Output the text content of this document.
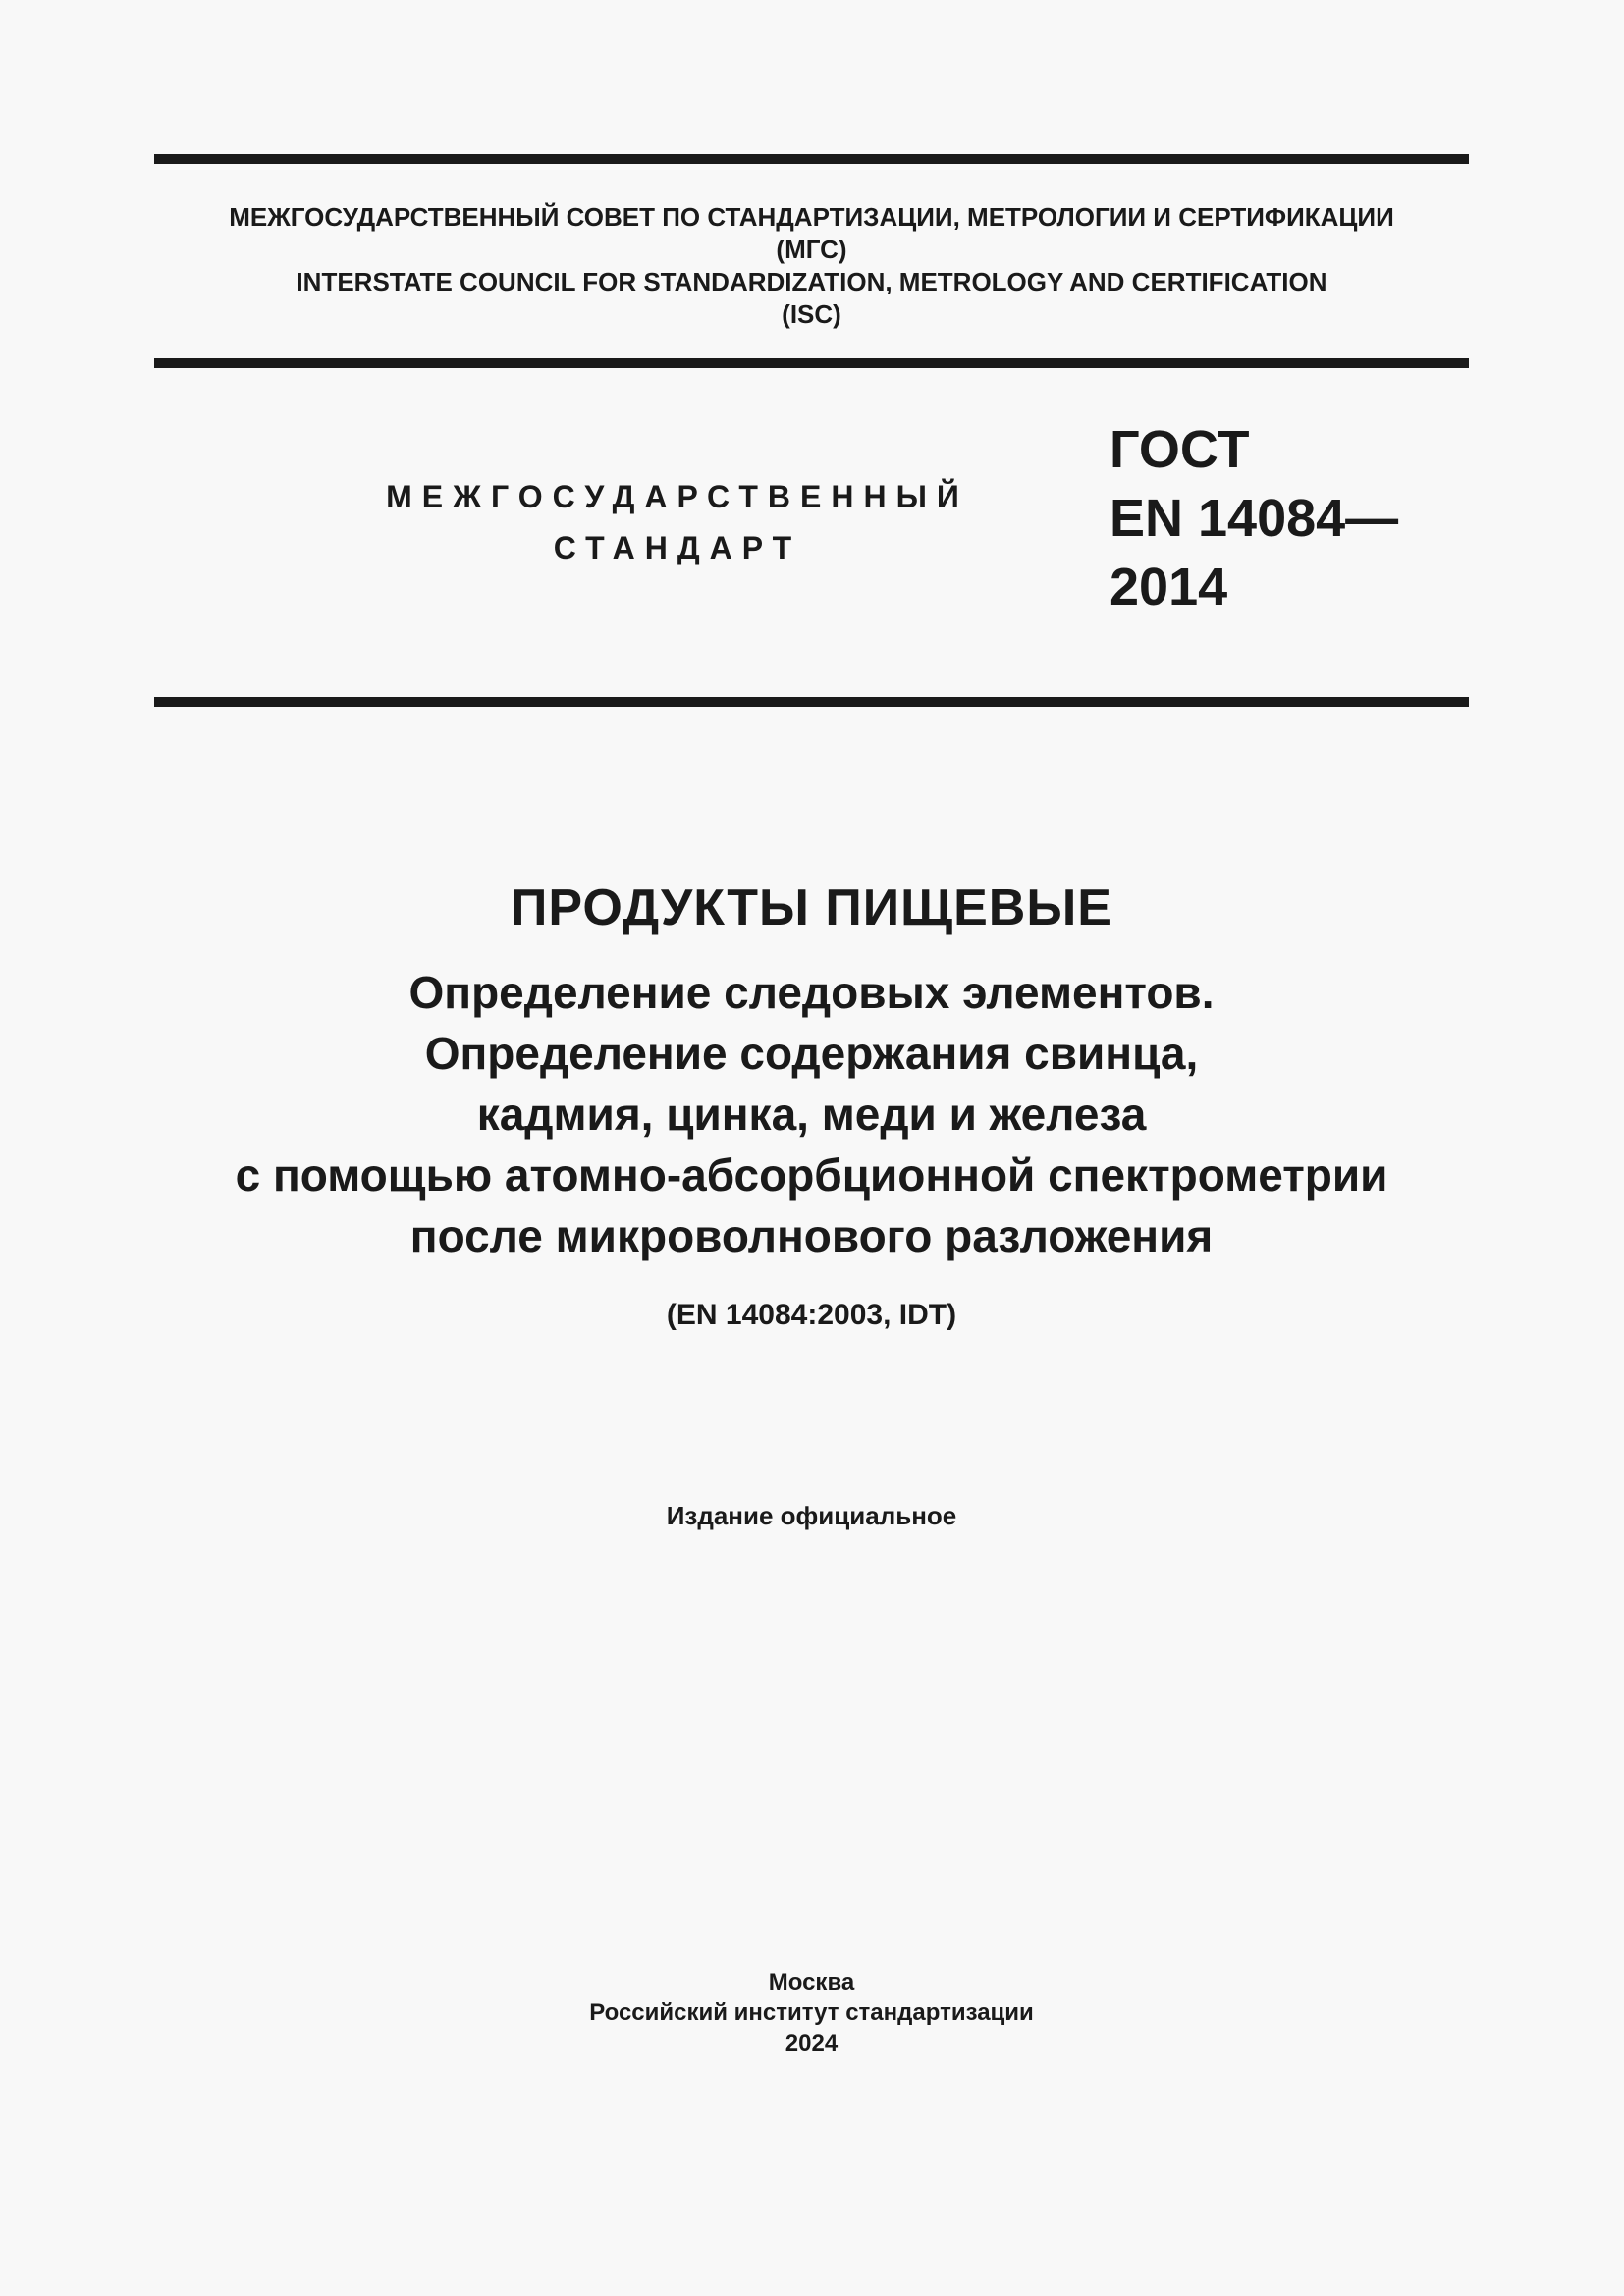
МЕЖГОСУДАРСТВЕННЫЙ СОВЕТ ПО СТАНДАРТИЗАЦИИ, МЕТРОЛОГИИ И СЕРТИФИКАЦИИ
(МГС)
INTERSTATE COUNCIL FOR STANDARDIZATION, METROLOGY AND CERTIFICATION
(ISC)
МЕЖГОСУДАРСТВЕННЫЙ
СТАНДАРТ
ГОСТ
EN 14084—
2014
ПРОДУКТЫ ПИЩЕВЫЕ
Определение следовых элементов.
Определение содержания свинца,
кадмия, цинка, меди и железа
с помощью атомно-абсорбционной спектрометрии
после микроволнового разложения
(EN 14084:2003, IDT)
Издание официальное
Москва
Российский институт стандартизации
2024
